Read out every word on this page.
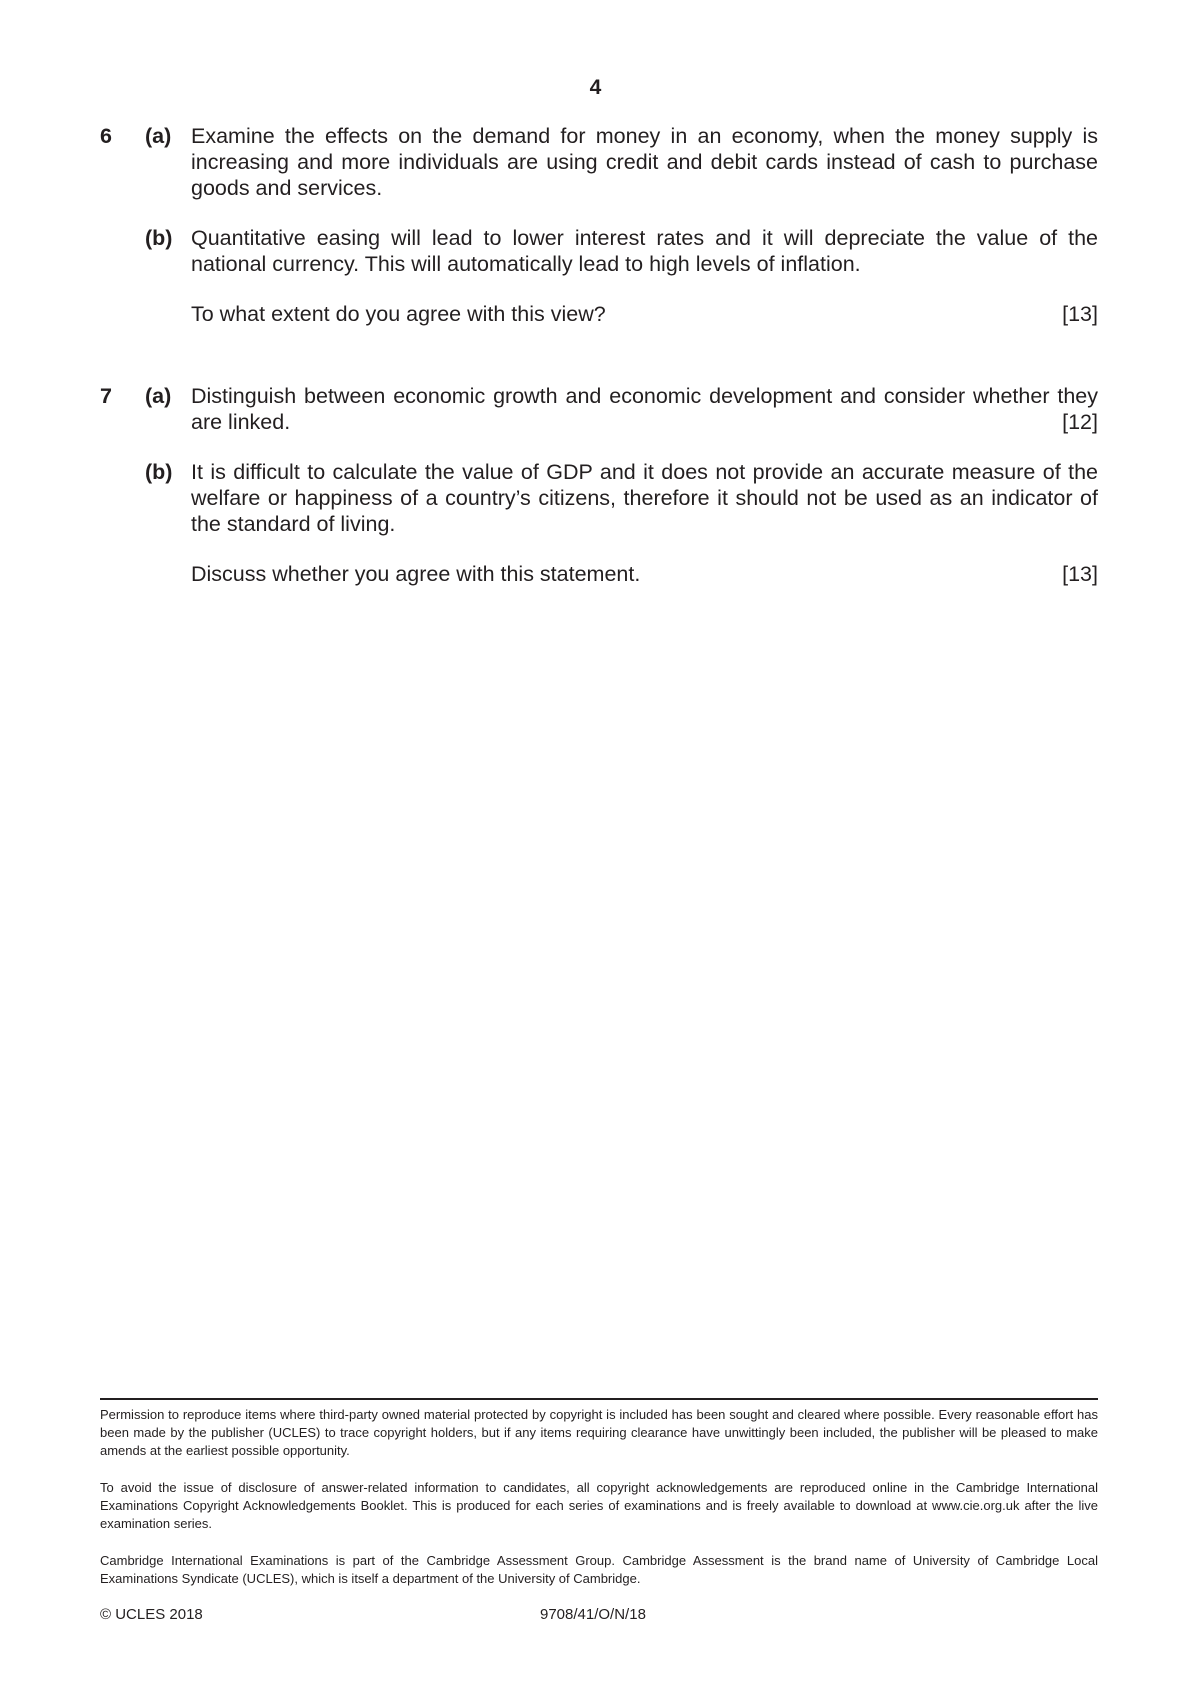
4
6	(a) Examine the effects on the demand for money in an economy, when the money supply is increasing and more individuals are using credit and debit cards instead of cash to purchase goods and services.
(b) Quantitative easing will lead to lower interest rates and it will depreciate the value of the national currency. This will automatically lead to high levels of inflation.
To what extent do you agree with this view?	[13]
7	(a) Distinguish between economic growth and economic development and consider whether they are linked.	[12]
(b) It is difficult to calculate the value of GDP and it does not provide an accurate measure of the welfare or happiness of a country’s citizens, therefore it should not be used as an indicator of the standard of living.
Discuss whether you agree with this statement.	[13]
Permission to reproduce items where third-party owned material protected by copyright is included has been sought and cleared where possible. Every reasonable effort has been made by the publisher (UCLES) to trace copyright holders, but if any items requiring clearance have unwittingly been included, the publisher will be pleased to make amends at the earliest possible opportunity.
To avoid the issue of disclosure of answer-related information to candidates, all copyright acknowledgements are reproduced online in the Cambridge International Examinations Copyright Acknowledgements Booklet. This is produced for each series of examinations and is freely available to download at www.cie.org.uk after the live examination series.
Cambridge International Examinations is part of the Cambridge Assessment Group. Cambridge Assessment is the brand name of University of Cambridge Local Examinations Syndicate (UCLES), which is itself a department of the University of Cambridge.
© UCLES 2018	9708/41/O/N/18
